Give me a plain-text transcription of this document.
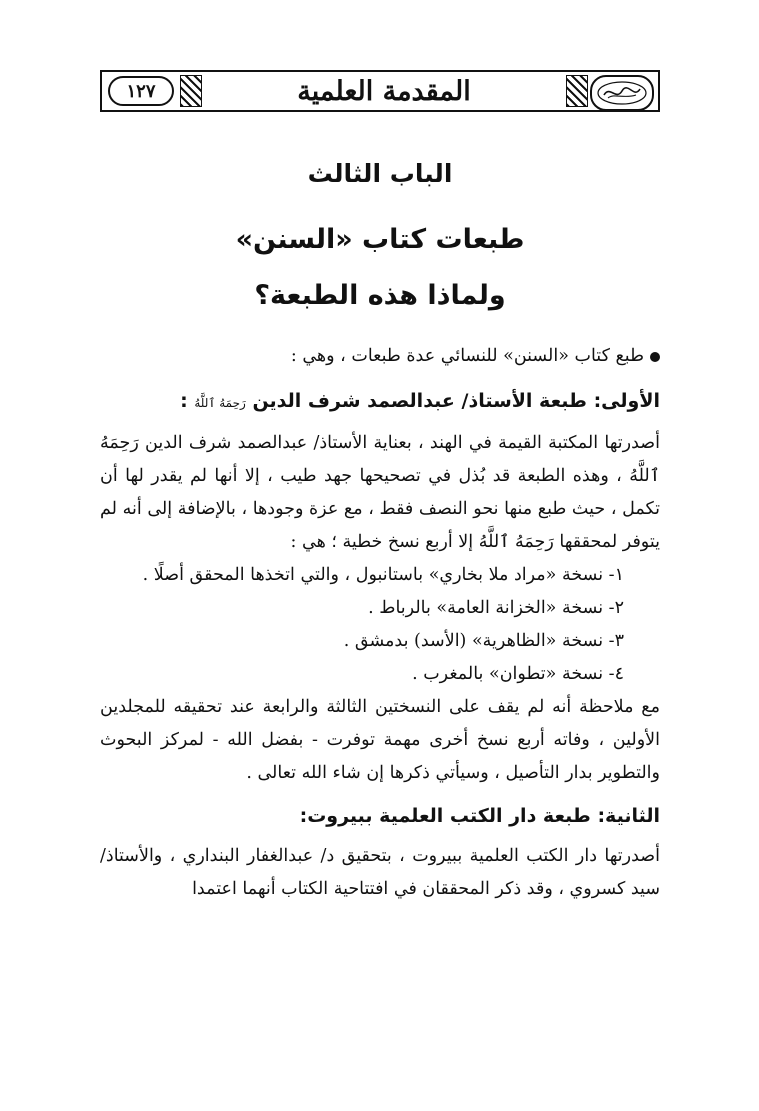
المقدمة العلمية
١٢٧
الباب الثالث
طبعات كتاب «السنن»
ولماذا هذه الطبعة؟
طبع كتاب «السنن» للنسائي عدة طبعات ، وهي :
الأولى: طبعة الأستاذ/ عبدالصمد شرف الدين رَحِمَهُ ٱللَّهُ :

أصدرتها المكتبة القيمة في الهند ، بعناية الأستاذ/ عبدالصمد شرف الدين رَحِمَهُ ٱللَّهُ ، وهذه الطبعة قد بُذل في تصحيحها جهد طيب ، إلا أنها لم يقدر لها أن تكمل ، حيث طبع منها نحو النصف فقط ، مع عزة وجودها ، بالإضافة إلى أنه لم يتوفر لمحققها رَحِمَهُ ٱللَّهُ إلا أربع نسخ خطية ؛ هي :

١- نسخة «مراد ملا بخاري» باستانبول ، والتي اتخذها المحقق أصلًا .

٢- نسخة «الخزانة العامة» بالرباط .

٣- نسخة «الظاهرية» (الأسد) بدمشق .

٤- نسخة «تطوان» بالمغرب .

مع ملاحظة أنه لم يقف على النسختين الثالثة والرابعة عند تحقيقه للمجلدين الأولين ، وفاته أربع نسخ أخرى مهمة توفرت - بفضل الله - لمركز البحوث والتطوير بدار التأصيل ، وسيأتي ذكرها إن شاء الله تعالى .

الثانية: طبعة دار الكتب العلمية ببيروت:

أصدرتها دار الكتب العلمية ببيروت ، بتحقيق د/ عبدالغفار البنداري ، والأستاذ/ سيد كسروي ، وقد ذكر المحققان في افتتاحية الكتاب أنهما اعتمدا
